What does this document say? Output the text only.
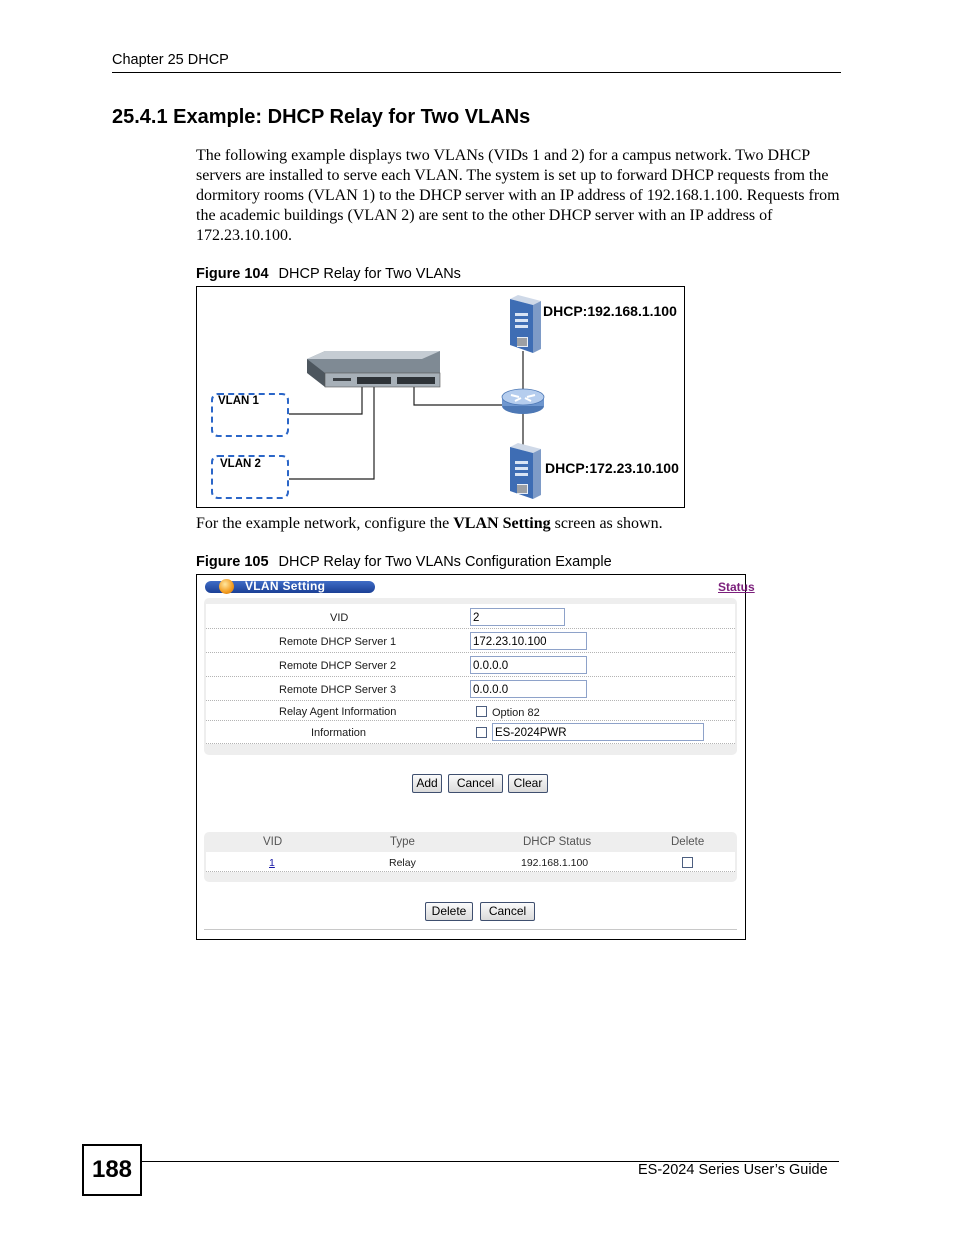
Chapter 25 DHCP
25.4.1 Example: DHCP Relay for Two VLANs
The following example displays two VLANs (VIDs 1 and 2) for a campus network. Two DHCP servers are installed to serve each VLAN. The system is set up to forward DHCP requests from the dormitory rooms (VLAN 1) to the DHCP server with an IP address of 192.168.1.100. Requests from the academic buildings (VLAN 2) are sent to the other DHCP server with an IP address of 172.23.10.100.
Figure 104 DHCP Relay for Two VLANs
VLAN 1
VLAN 2
DHCP:192.168.1.100
DHCP:172.23.10.100
For the example network, configure the VLAN Setting screen as shown.
Figure 105 DHCP Relay for Two VLANs Configuration Example
VLAN Setting	Status
VID	2
Remote DHCP Server 1	172.23.10.100
Remote DHCP Server 2	0.0.0.0
Remote DHCP Server 3	0.0.0.0
Relay Agent Information	Option 82
Information	ES-2024PWR
Add	Cancel	Clear
VID	Type	DHCP Status	Delete
1	Relay	192.168.1.100
Delete	Cancel
188	ES-2024 Series User’s Guide
